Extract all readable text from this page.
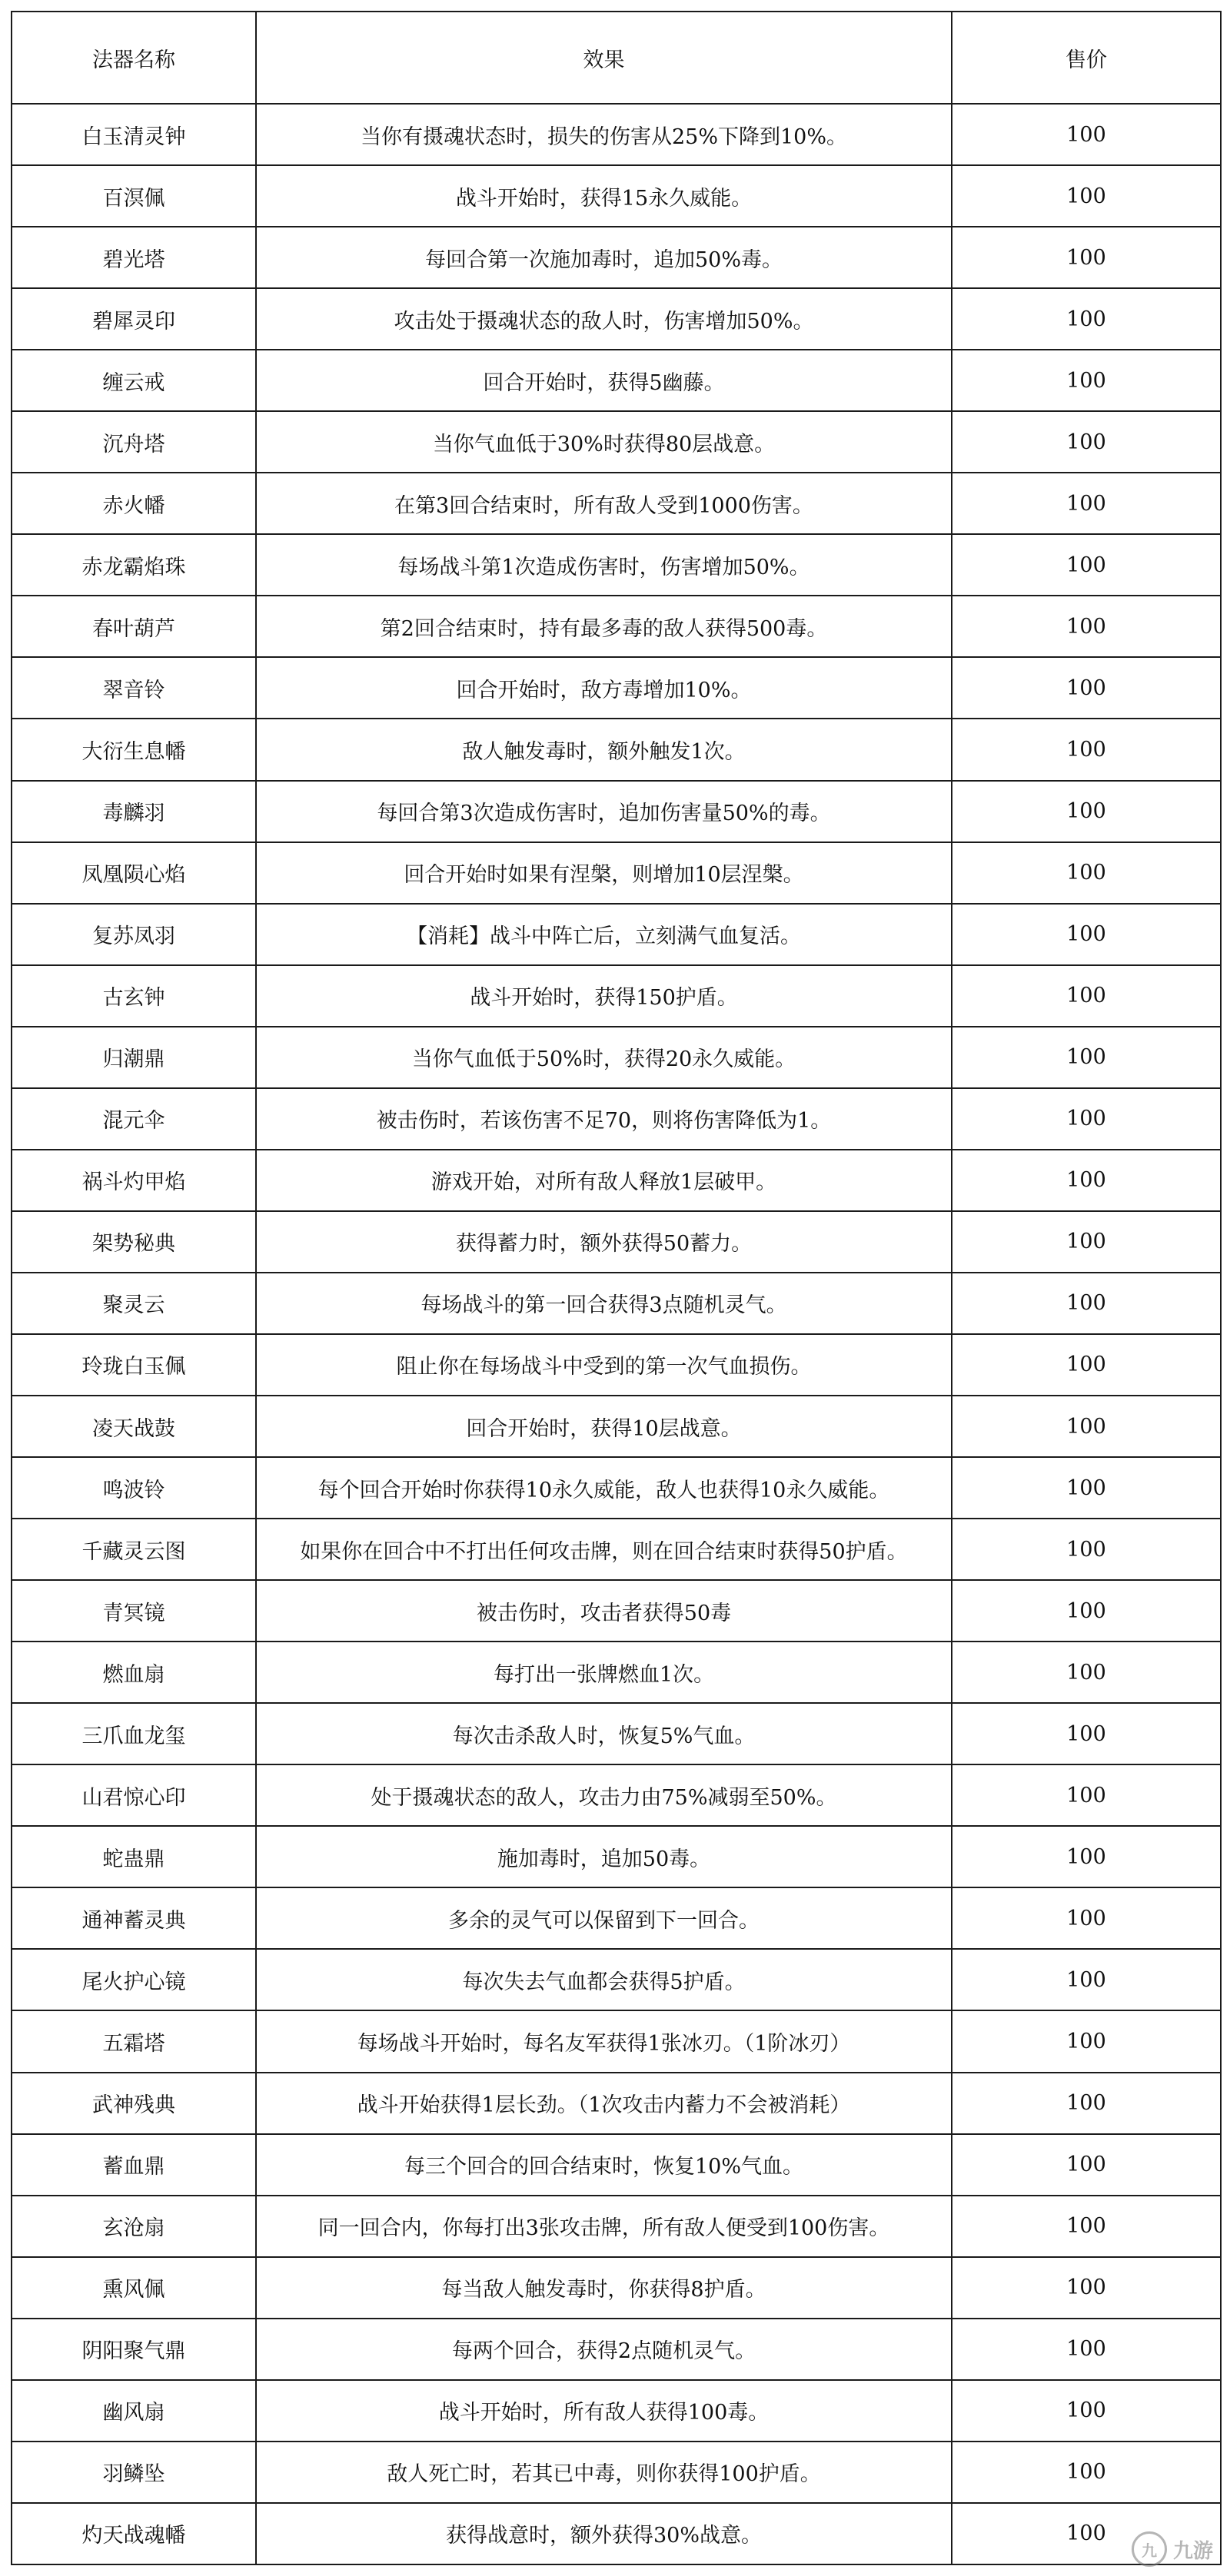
法器名称	效果	售价
白玉清灵钟	当你有摄魂状态时，损失的伤害从25%下降到10%。	100
百溟佩	战斗开始时，获得15永久威能。	100
碧光塔	每回合第一次施加毒时，追加50%毒。	100
碧犀灵印	攻击处于摄魂状态的敌人时，伤害增加50%。	100
缠云戒	回合开始时，获得5幽藤。	100
沉舟塔	当你气血低于30%时获得80层战意。	100
赤火幡	在第3回合结束时，所有敌人受到1000伤害。	100
赤龙霸焰珠	每场战斗第1次造成伤害时，伤害增加50%。	100
春叶葫芦	第2回合结束时，持有最多毒的敌人获得500毒。	100
翠音铃	回合开始时，敌方毒增加10%。	100
大衍生息幡	敌人触发毒时，额外触发1次。	100
毒麟羽	每回合第3次造成伤害时，追加伤害量50%的毒。	100
凤凰陨心焰	回合开始时如果有涅槃，则增加10层涅槃。	100
复苏凤羽	【消耗】战斗中阵亡后，立刻满气血复活。	100
古玄钟	战斗开始时，获得150护盾。	100
归潮鼎	当你气血低于50%时，获得20永久威能。	100
混元伞	被击伤时，若该伤害不足70，则将伤害降低为1。	100
祸斗灼甲焰	游戏开始，对所有敌人释放1层破甲。	100
架势秘典	获得蓄力时，额外获得50蓄力。	100
聚灵云	每场战斗的第一回合获得3点随机灵气。	100
玲珑白玉佩	阻止你在每场战斗中受到的第一次气血损伤。	100
凌天战鼓	回合开始时，获得10层战意。	100
鸣波铃	每个回合开始时你获得10永久威能，敌人也获得10永久威能。	100
千藏灵云图	如果你在回合中不打出任何攻击牌，则在回合结束时获得50护盾。	100
青冥镜	被击伤时，攻击者获得50毒	100
燃血扇	每打出一张牌燃血1次。	100
三爪血龙玺	每次击杀敌人时，恢复5%气血。	100
山君惊心印	处于摄魂状态的敌人，攻击力由75%减弱至50%。	100
蛇蛊鼎	施加毒时，追加50毒。	100
通神蓄灵典	多余的灵气可以保留到下一回合。	100
尾火护心镜	每次失去气血都会获得5护盾。	100
五霜塔	每场战斗开始时，每名友军获得1张冰刃。（1阶冰刃）	100
武神残典	战斗开始获得1层长劲。（1次攻击内蓄力不会被消耗）	100
蓄血鼎	每三个回合的回合结束时，恢复10%气血。	100
玄沧扇	同一回合内，你每打出3张攻击牌，所有敌人便受到100伤害。	100
熏风佩	每当敌人触发毒时，你获得8护盾。	100
阴阳聚气鼎	每两个回合，获得2点随机灵气。	100
幽风扇	战斗开始时，所有敌人获得100毒。	100
羽鳞坠	敌人死亡时，若其已中毒，则你获得100护盾。	100
灼天战魂幡	获得战意时，额外获得30%战意。	100
九 九游
